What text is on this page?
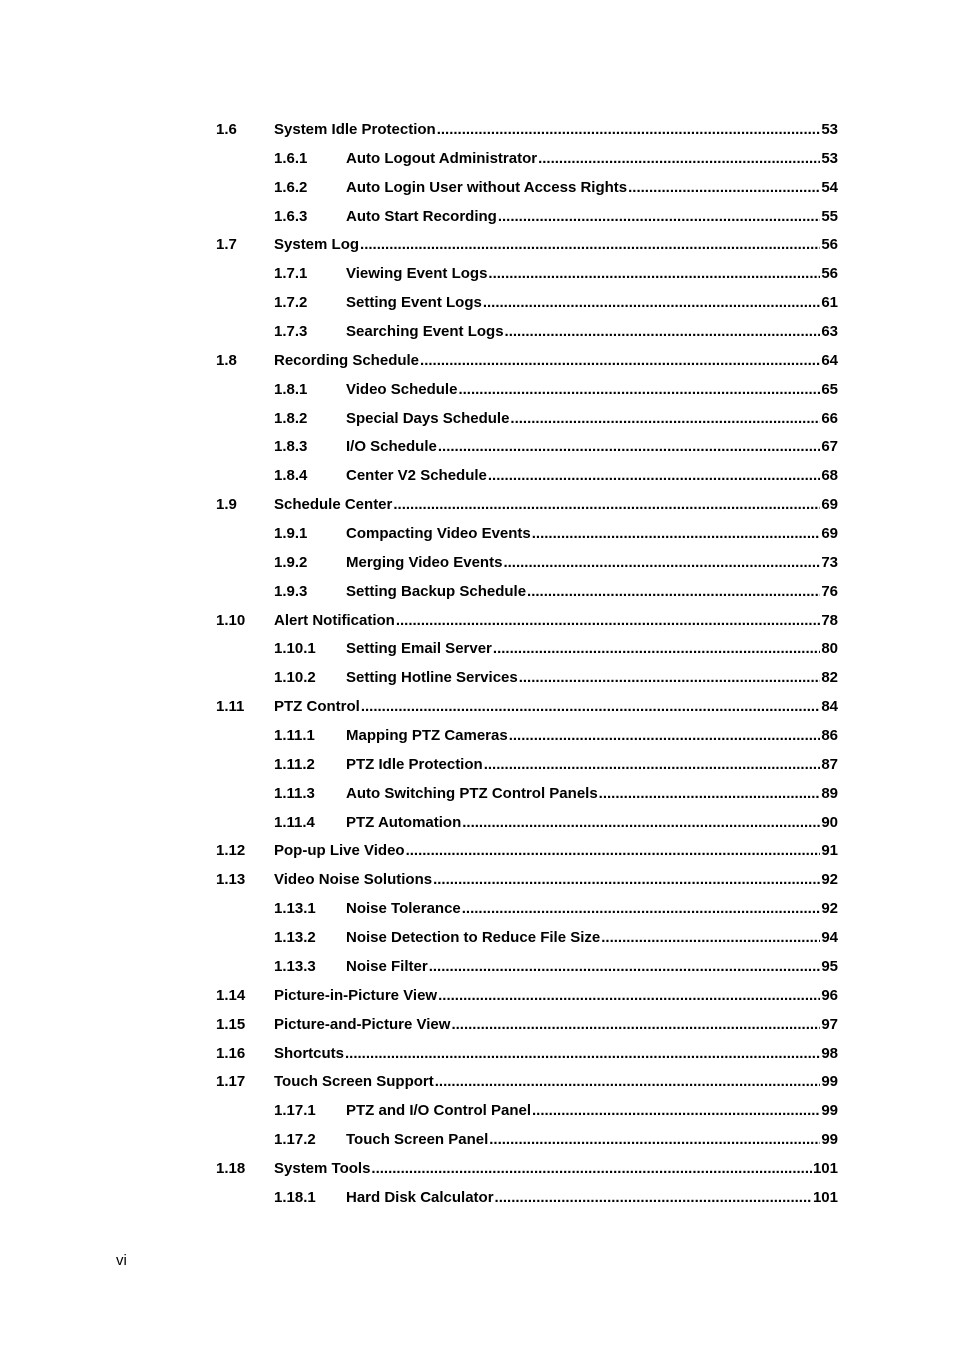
1.6 System Idle Protection .....	53
1.6.1	Auto Logout Administrator .....	53
1.6.2	Auto Login User without Access Rights .....	54
1.6.3	Auto Start Recording .....	55
1.7 System Log .....	56
1.7.1	Viewing Event Logs .....	56
1.7.2	Setting Event Logs .....	61
1.7.3	Searching Event Logs .....	63
1.8 Recording Schedule .....	64
1.8.1	Video Schedule .....	65
1.8.2	Special Days Schedule .....	66
1.8.3	I/O Schedule .....	67
1.8.4	Center V2 Schedule .....	68
1.9 Schedule Center .....	69
1.9.1	Compacting Video Events .....	69
1.9.2	Merging Video Events .....	73
1.9.3	Setting Backup Schedule .....	76
1.10 Alert Notification .....	78
1.10.1 Setting Email Server .....	80
1.10.2 Setting Hotline Services .....	82
1.11 PTZ Control .....	84
1.11.1 Mapping PTZ Cameras .....	86
1.11.2 PTZ Idle Protection .....	87
1.11.3 Auto Switching PTZ Control Panels .....	89
1.11.4 PTZ Automation .....	90
1.12 Pop-up Live Video .....	91
1.13 Video Noise Solutions .....	92
1.13.1 Noise Tolerance .....	92
1.13.2 Noise Detection to Reduce File Size .....	94
1.13.3 Noise Filter .....	95
1.14 Picture-in-Picture View .....	96
1.15 Picture-and-Picture View .....	97
1.16 Shortcuts .....	98
1.17 Touch Screen Support .....	99
1.17.1 PTZ and I/O Control Panel .....	99
1.17.2 Touch Screen Panel .....	99
1.18 System Tools .....	101
1.18.1 Hard Disk Calculator .....	101
vi
